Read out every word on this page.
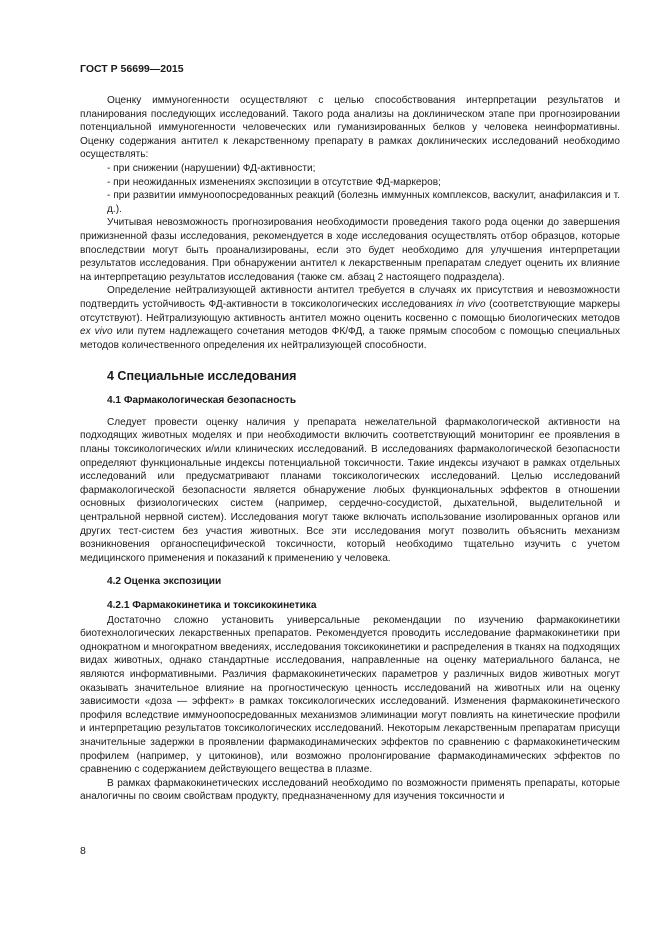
ГОСТ Р 56699—2015

Оценку иммуногенности осуществляют с целью способствования интерпретации результатов и планирования последующих исследований. Такого рода анализы на доклиническом этапе при прогнозировании потенциальной иммуногенности человеческих или гуманизированных белков у человека неинформативны. Оценку содержания антител к лекарственному препарату в рамках доклинических исследований необходимо осуществлять:

- при снижении (нарушении) ФД-активности;

- при неожиданных изменениях экспозиции в отсутствие ФД-маркеров;

- при развитии иммуноопосредованных реакций (болезнь иммунных комплексов, васкулит, анафилаксия и т. д.).

Учитывая невозможность прогнозирования необходимости проведения такого рода оценки до завершения прижизненной фазы исследования, рекомендуется в ходе исследования осуществлять отбор образцов, которые впоследствии могут быть проанализированы, если это будет необходимо для улучшения интерпретации результатов исследования. При обнаружении антител к лекарственным препаратам следует оценить их влияние на интерпретацию результатов исследования (также см. абзац 2 настоящего подраздела).

Определение нейтрализующей активности антител требуется в случаях их присутствия и невозможности подтвердить устойчивость ФД-активности в токсикологических исследованиях in vivo (соответствующие маркеры отсутствуют). Нейтрализующую активность антител можно оценить косвенно с помощью биологических методов ex vivo или путем надлежащего сочетания методов ФК/ФД, а также прямым способом с помощью специальных методов количественного определения их нейтрализующей способности.

4 Специальные исследования

4.1 Фармакологическая безопасность

Следует провести оценку наличия у препарата нежелательной фармакологической активности на подходящих животных моделях и при необходимости включить соответствующий мониторинг ее проявления в планы токсикологических и/или клинических исследований. В исследованиях фармакологической безопасности определяют функциональные индексы потенциальной токсичности. Такие индексы изучают в рамках отдельных исследований или предусматривают планами токсикологических исследований. Целью исследований фармакологической безопасности является обнаружение любых функциональных эффектов в отношении основных физиологических систем (например, сердечно-сосудистой, дыхательной, выделительной и центральной нервной систем). Исследования могут также включать использование изолированных органов или других тест-систем без участия животных. Все эти исследования могут позволить объяснить механизм возникновения органоспецифической токсичности, который необходимо тщательно изучить с учетом медицинского применения и показаний к применению у человека.

4.2 Оценка экспозиции

4.2.1 Фармакокинетика и токсикокинетика

Достаточно сложно установить универсальные рекомендации по изучению фармакокинетики биотехнологических лекарственных препаратов. Рекомендуется проводить исследование фармакокинетики при однократном и многократном введениях, исследования токсикокинетики и распределения в тканях на подходящих видах животных, однако стандартные исследования, направленные на оценку материального баланса, не являются информативными. Различия фармакокинетических параметров у различных видов животных могут оказывать значительное влияние на прогностическую ценность исследований на животных или на оценку зависимости «доза — эффект» в рамках токсикологических исследований. Изменения фармакокинетического профиля вследствие иммуноопосредованных механизмов элиминации могут повлиять на кинетические профили и интерпретацию результатов токсикологических исследований. Некоторым лекарственным препаратам присущи значительные задержки в проявлении фармакодинамических эффектов по сравнению с фармакокинетическим профилем (например, у цитокинов), или возможно пролонгирование фармакодинамических эффектов по сравнению с содержанием действующего вещества в плазме.

В рамках фармакокинетических исследований необходимо по возможности применять препараты, которые аналогичны по своим свойствам продукту, предназначенному для изучения токсичности и

8
